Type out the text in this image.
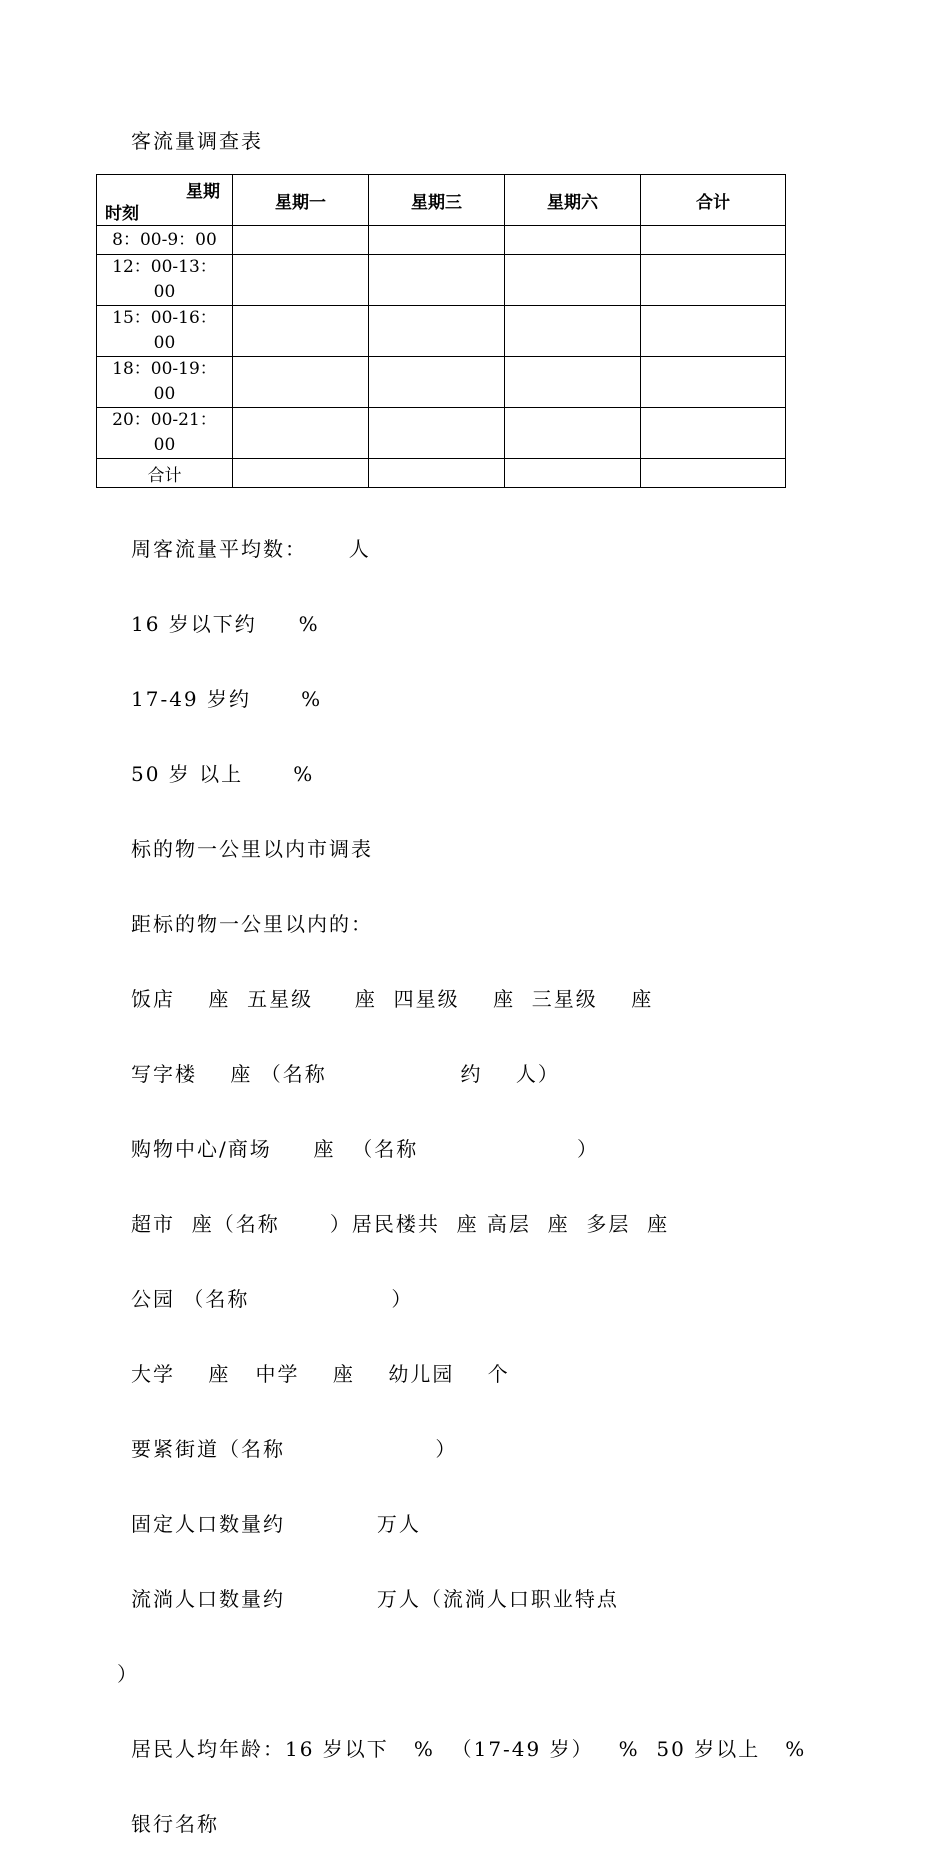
客流量调查表
星期
时刻	星期一	星期三	星期六	合计
8：00-9：00				

12：00-13：
00				

15：00-16：
00				

18：00-19：
00				

20：00-21：
00				

合计				

周客流量平均数：     人

16 岁以下约     %

17-49 岁约      %

50 岁 以上      %

标的物一公里以内市调表

距标的物一公里以内的：

饭店    座  五星级     座  四星级    座  三星级    座

写字楼    座 （名称                约    人）

购物中心/商场     座  （名称                   ）

超市  座（名称      ）居民楼共  座 高层  座  多层  座

公园 （名称                 ）

大学    座   中学    座    幼儿园    个

要紧街道（名称                  ）

固定人口数量约           万人

流淌人口数量约           万人（流淌人口职业特点

）

居民人均年龄：16 岁以下   %  （17-49 岁）   %  50 岁以上   %

银行名称
